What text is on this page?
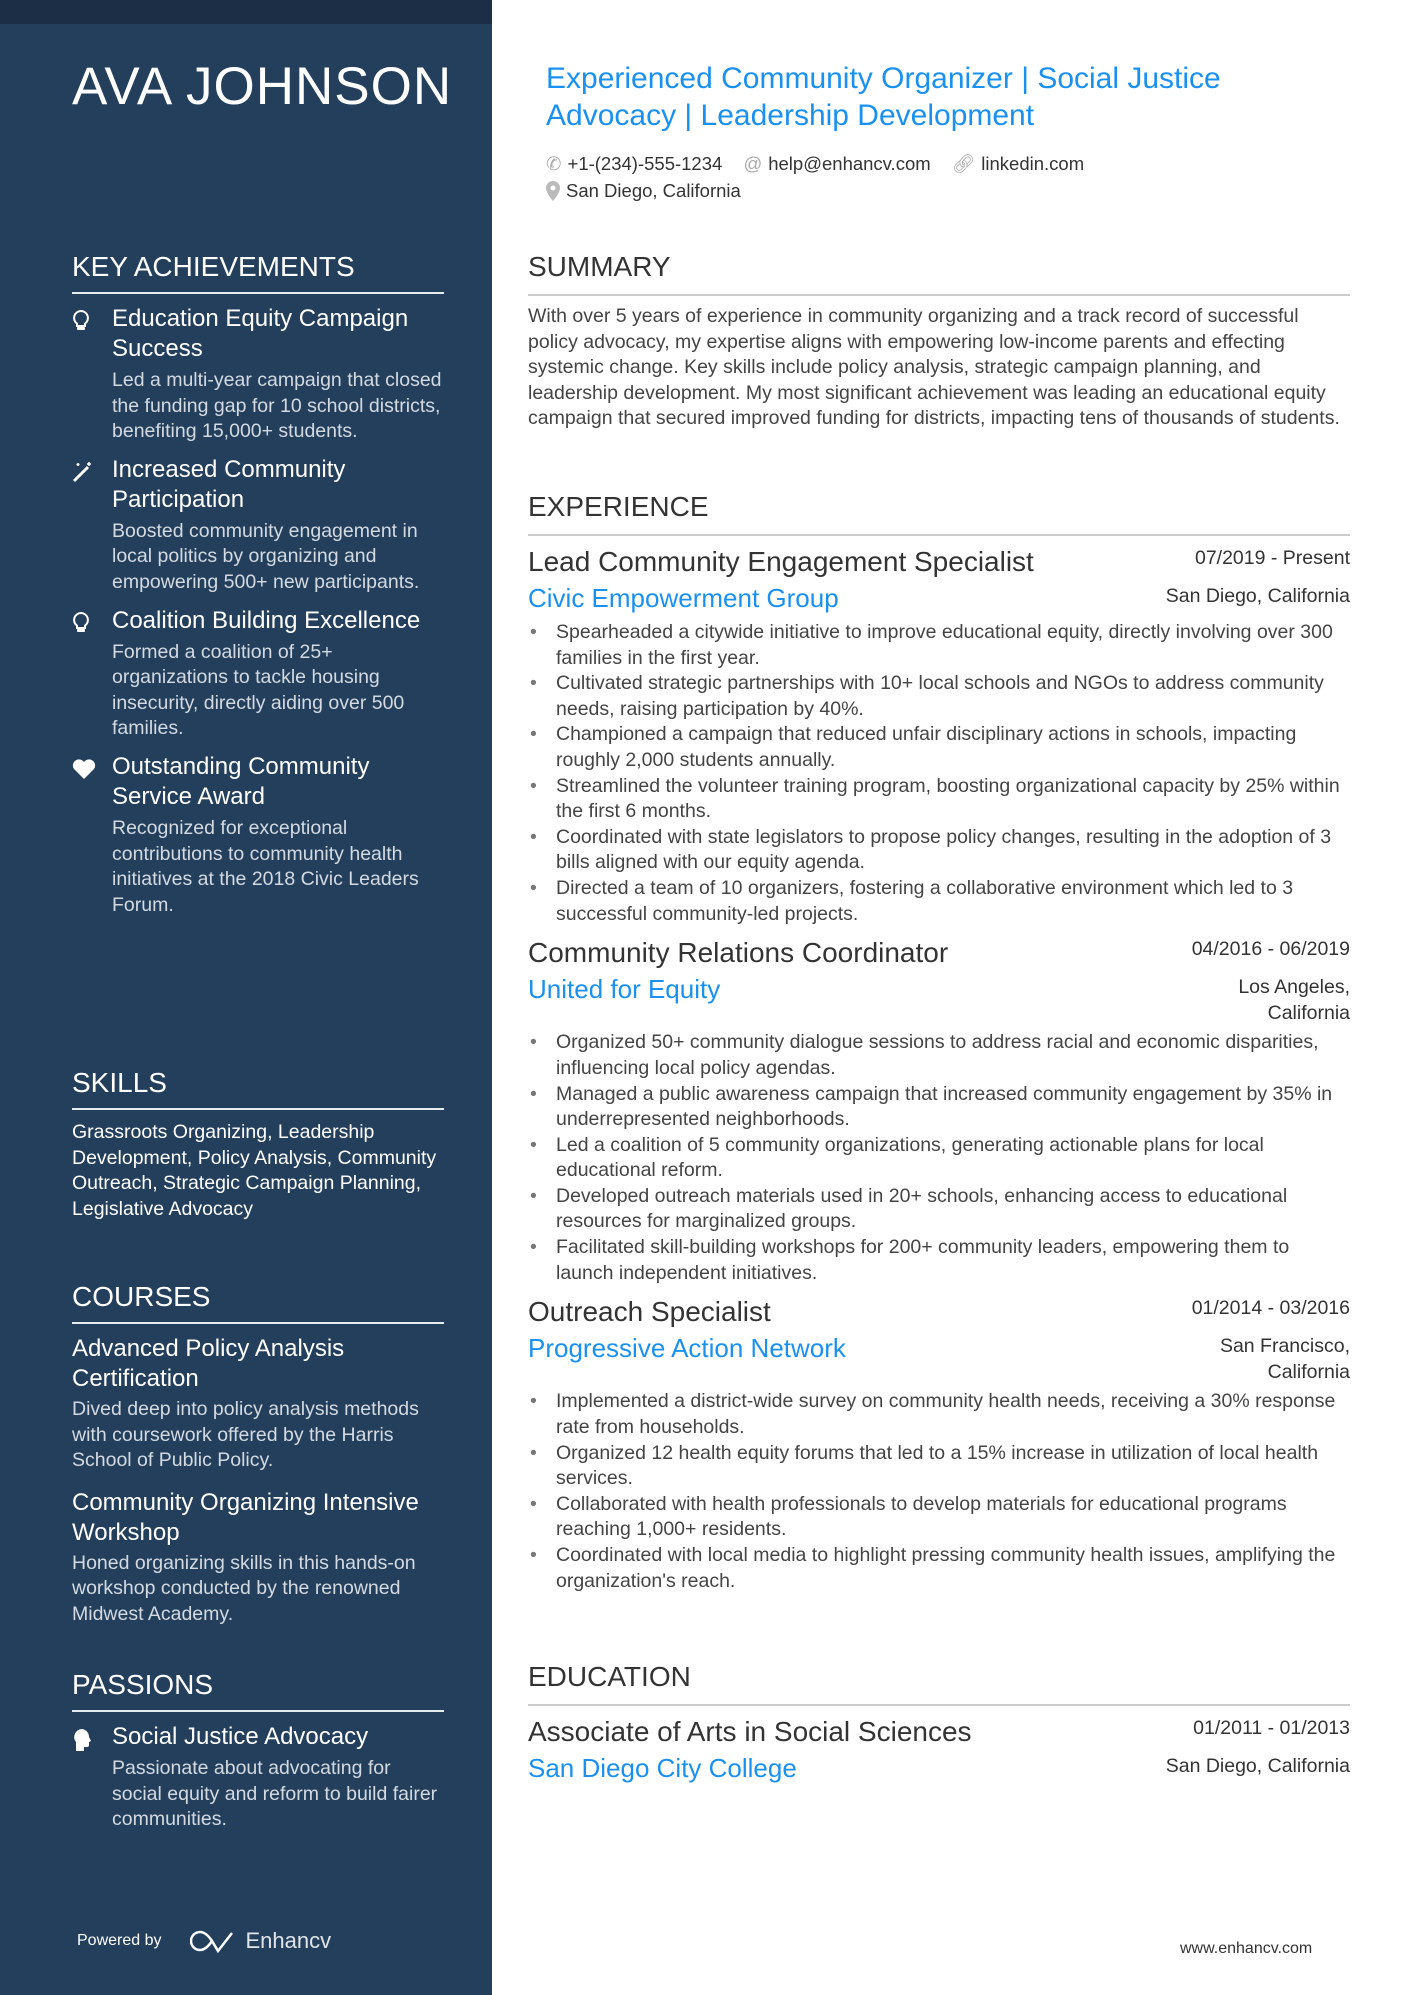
AVA JOHNSON
KEY ACHIEVEMENTS
Education Equity Campaign Success
Led a multi-year campaign that closed the funding gap for 10 school districts, benefiting 15,000+ students.
Increased Community Participation
Boosted community engagement in local politics by organizing and empowering 500+ new participants.
Coalition Building Excellence
Formed a coalition of 25+ organizations to tackle housing insecurity, directly aiding over 500 families.
Outstanding Community Service Award
Recognized for exceptional contributions to community health initiatives at the 2018 Civic Leaders Forum.
SKILLS
Grassroots Organizing, Leadership Development, Policy Analysis, Community Outreach, Strategic Campaign Planning, Legislative Advocacy
COURSES
Advanced Policy Analysis Certification
Dived deep into policy analysis methods with coursework offered by the Harris School of Public Policy.
Community Organizing Intensive Workshop
Honed organizing skills in this hands-on workshop conducted by the renowned Midwest Academy.
PASSIONS
Social Justice Advocacy
Passionate about advocating for social equity and reform to build fairer communities.
Powered by	Enhancv
Experienced Community Organizer | Social Justice Advocacy | Leadership Development
✆ +1-(234)-555-1234
@ help@enhancv.com
🔗︎ linkedin.com

San Diego, California
SUMMARY
With over 5 years of experience in community organizing and a track record of successful policy advocacy, my expertise aligns with empowering low-income parents and effecting systemic change. Key skills include policy analysis, strategic campaign planning, and leadership development. My most significant achievement was leading an educational equity campaign that secured improved funding for districts, impacting tens of thousands of students.
EXPERIENCE
Lead Community Engagement Specialist	07/2019 - Present
Civic Empowerment Group	San Diego, California
• Spearheaded a citywide initiative to improve educational equity, directly involving over 300 families in the first year.
• Cultivated strategic partnerships with 10+ local schools and NGOs to address community needs, raising participation by 40%.
• Championed a campaign that reduced unfair disciplinary actions in schools, impacting roughly 2,000 students annually.
• Streamlined the volunteer training program, boosting organizational capacity by 25% within the first 6 months.
• Coordinated with state legislators to propose policy changes, resulting in the adoption of 3 bills aligned with our equity agenda.
• Directed a team of 10 organizers, fostering a collaborative environment which led to 3 successful community-led projects.
Community Relations Coordinator	04/2016 - 06/2019
United for Equity	Los Angeles, California
• Organized 50+ community dialogue sessions to address racial and economic disparities, influencing local policy agendas.
• Managed a public awareness campaign that increased community engagement by 35% in underrepresented neighborhoods.
• Led a coalition of 5 community organizations, generating actionable plans for local educational reform.
• Developed outreach materials used in 20+ schools, enhancing access to educational resources for marginalized groups.
• Facilitated skill-building workshops for 200+ community leaders, empowering them to launch independent initiatives.
Outreach Specialist	01/2014 - 03/2016
Progressive Action Network	San Francisco, California
• Implemented a district-wide survey on community health needs, receiving a 30% response rate from households.
• Organized 12 health equity forums that led to a 15% increase in utilization of local health services.
• Collaborated with health professionals to develop materials for educational programs reaching 1,000+ residents.
• Coordinated with local media to highlight pressing community health issues, amplifying the organization's reach.
EDUCATION
Associate of Arts in Social Sciences	01/2011 - 01/2013
San Diego City College	San Diego, California
www.enhancv.com
